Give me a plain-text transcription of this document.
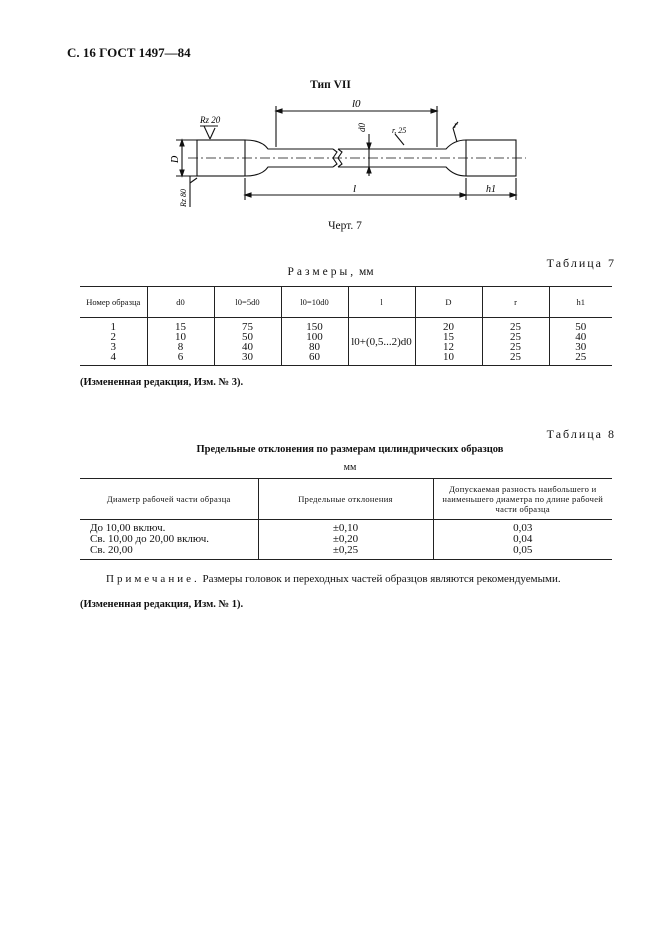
С. 16 ГОСТ 1497—84
Тип VII
Rz 20
Rz 80
D
l0
d0	r, 25
r
l	h1
Черт. 7
Таблица 7
Размеры, мм
Номер образца	d0	l0=5d0	l0=10d0	l	D	r	h1
1	15	75	150	l0+(0,5...2)d0	20	25	50
2	10	50	100		15	25	40
3	8	40	80		12	25	30
4	6	30	60		10	25	25
(Измененная редакция, Изм. № 3).
Таблица 8
Предельные отклонения по размерам цилиндрических образцов
мм
Диаметр рабочей части образца	Предельные отклонения	Допускаемая разность наибольшего и наименьшего диаметра по длине рабочей части образца
До 10,00 включ.	±0,10	0,03
Св. 10,00 до 20,00 включ.	±0,20	0,04
Св. 20,00	±0,25	0,05
Примечание. Размеры головок и переходных частей образцов являются рекомендуемыми.
(Измененная редакция, Изм. № 1).
